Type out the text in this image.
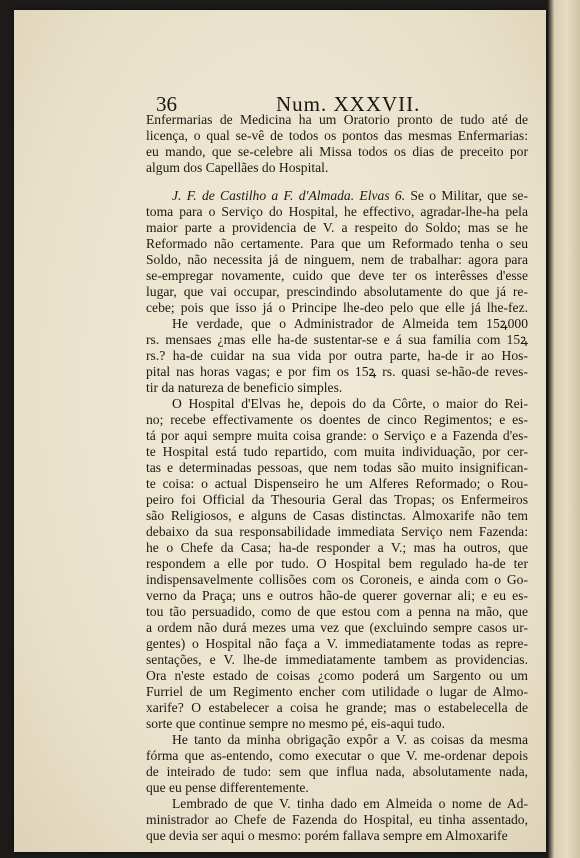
36	Num. XXXVII.
Enfermarias de Medicina ha um Oratorio pronto de tudo até de
licença, o qual se-vê de todos os pontos das mesmas Enfermarias:
eu mando, que se-celebre ali Missa todos os dias de preceito por
algum dos Capellães do Hospital.
J. F. de Castilho a F. d'Almada. Elvas 6. Se o Militar, que se-
toma para o Serviço do Hospital, he effectivo, agradar-lhe-ha pela
maior parte a providencia de V. a respeito do Soldo; mas se he
Reformado não certamente. Para que um Reformado tenha o seu
Soldo, não necessita já de ninguem, nem de trabalhar: agora para
se-empregar novamente, cuido que deve ter os interêsses d'esse
lugar, que vai occupar, prescindindo absolutamente do que já re-
cebe; pois que isso já o Principe lhe-deo pelo que elle já lhe-fez.
He verdade, que o Administrador de Almeida tem 15ꝝ000
rs. mensaes ¿mas elle ha-de sustentar-se e á sua familia com 15ꝝ
rs.? ha-de cuidar na sua vida por outra parte, ha-de ir ao Hos-
pital nas horas vagas; e por fim os 15ꝝ rs. quasi se-hão-de reves-
tir da natureza de beneficio simples.
O Hospital d'Elvas he, depois do da Côrte, o maior do Rei-
no; recebe effectivamente os doentes de cinco Regimentos; e es-
tá por aqui sempre muita coisa grande: o Serviço e a Fazenda d'es-
te Hospital está tudo repartido, com muita individuação, por cer-
tas e determinadas pessoas, que nem todas são muito insignifican-
te coisa: o actual Dispenseiro he um Alferes Reformado; o Rou-
peiro foi Official da Thesouria Geral das Tropas; os Enfermeiros
são Religiosos, e alguns de Casas distinctas. Almoxarife não tem
debaixo da sua responsabilidade immediata Serviço nem Fazenda:
he o Chefe da Casa; ha-de responder a V.; mas ha outros, que
respondem a elle por tudo. O Hospital bem regulado ha-de ter
indispensavelmente collisões com os Coroneis, e ainda com o Go-
verno da Praça; uns e outros hão-de querer governar ali; e eu es-
tou tão persuadido, como de que estou com a penna na mão, que
a ordem não durá mezes uma vez que (excluindo sempre casos ur-
gentes) o Hospital não faça a V. immediatamente todas as repre-
sentações, e V. lhe-de immediatamente tambem as providencias.
Ora n'este estado de coisas ¿como poderá um Sargento ou um
Furriel de um Regimento encher com utilidade o lugar de Almo-
xarife? O estabelecer a coisa he grande; mas o estabelecella de
sorte que continue sempre no mesmo pé, eis-aqui tudo.
He tanto da minha obrigação expôr a V. as coisas da mesma
fórma que as-entendo, como executar o que V. me-ordenar depois
de inteirado de tudo: sem que influa nada, absolutamente nada,
que eu pense differentemente.
Lembrado de que V. tinha dado em Almeida o nome de Ad-
ministrador ao Chefe de Fazenda do Hospital, eu tinha assentado,
que devia ser aqui o mesmo: porém fallava sempre em Almoxarife
